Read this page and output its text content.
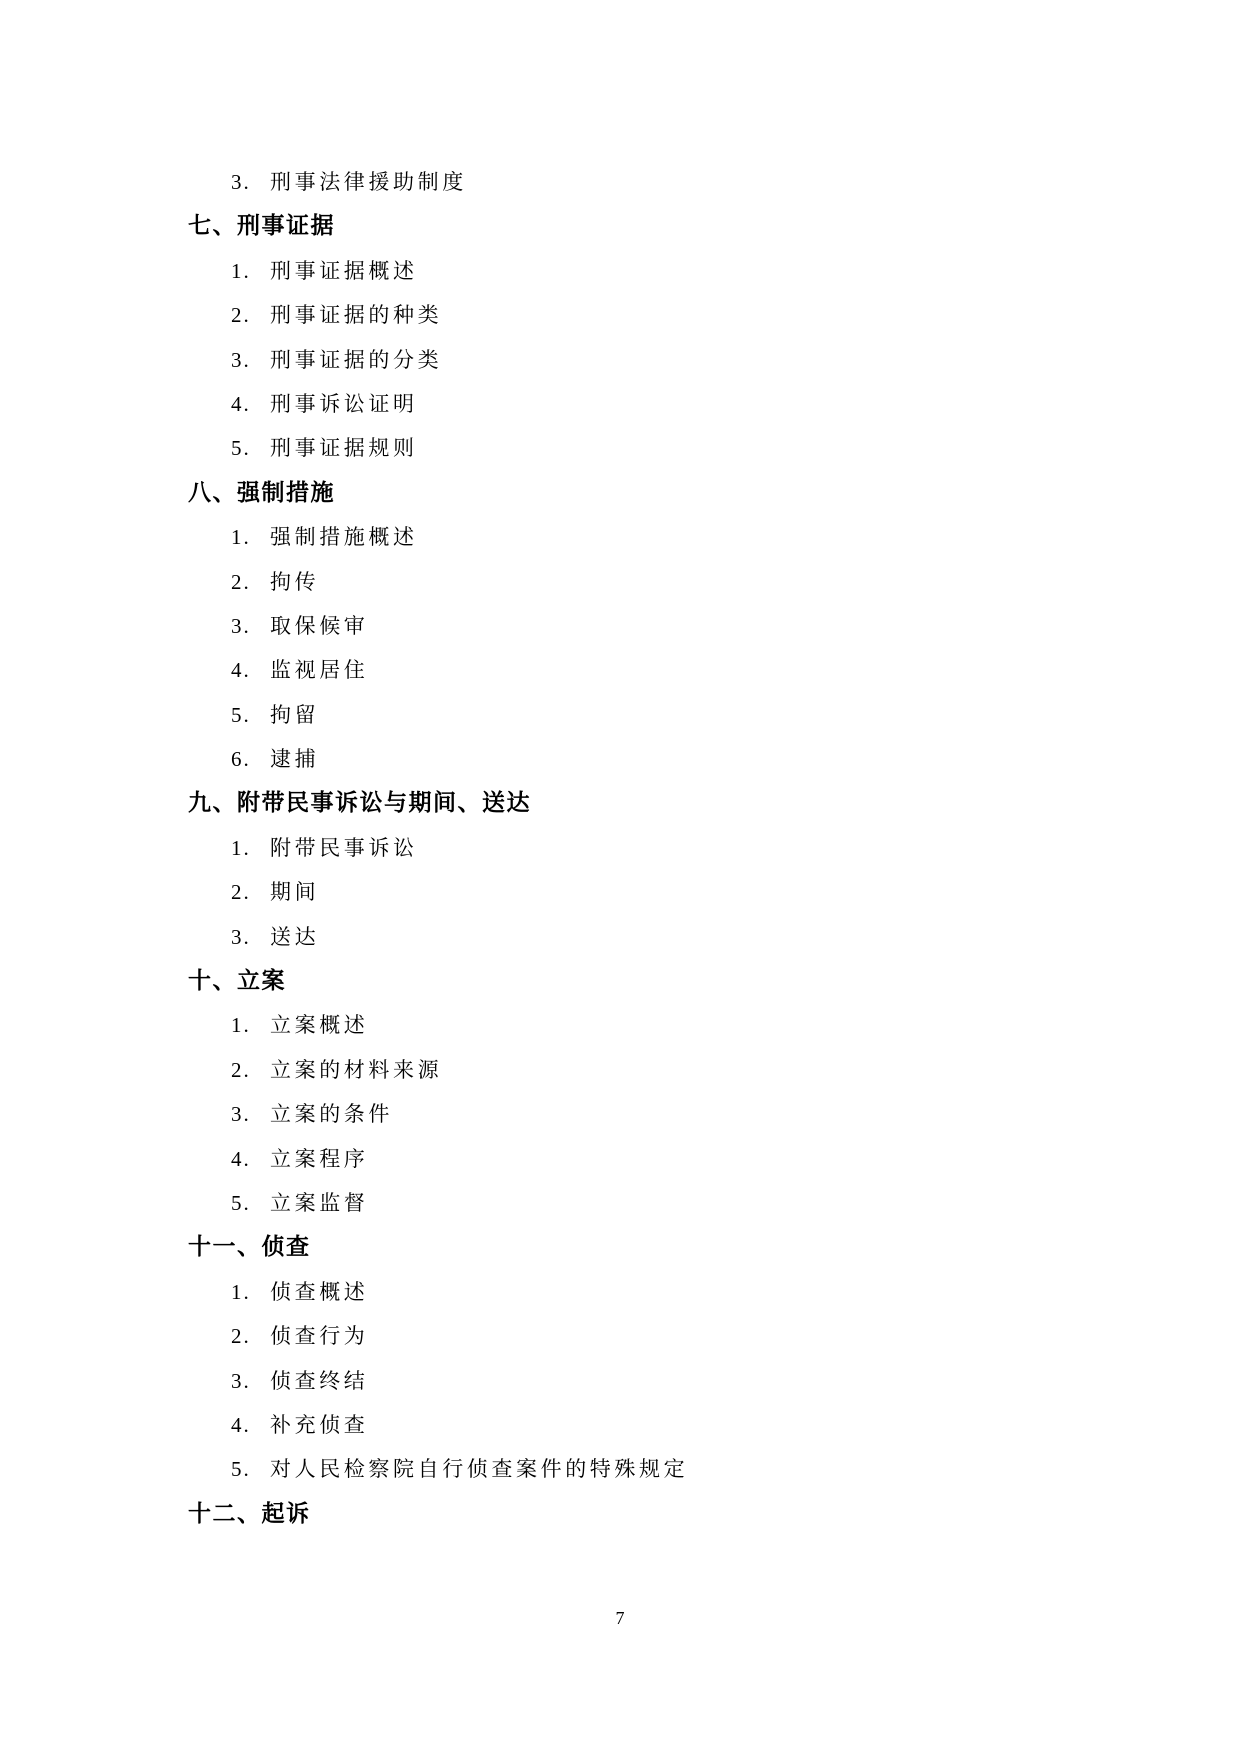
3. 刑事法律援助制度
七、刑事证据
1. 刑事证据概述
2. 刑事证据的种类
3. 刑事证据的分类
4. 刑事诉讼证明
5. 刑事证据规则
八、强制措施
1. 强制措施概述
2. 拘传
3. 取保候审
4. 监视居住
5. 拘留
6. 逮捕
九、附带民事诉讼与期间、送达
1. 附带民事诉讼
2. 期间
3. 送达
十、立案
1. 立案概述
2. 立案的材料来源
3. 立案的条件
4. 立案程序
5. 立案监督
十一、侦查
1. 侦查概述
2. 侦查行为
3. 侦查终结
4. 补充侦查
5. 对人民检察院自行侦查案件的特殊规定
十二、起诉
7
